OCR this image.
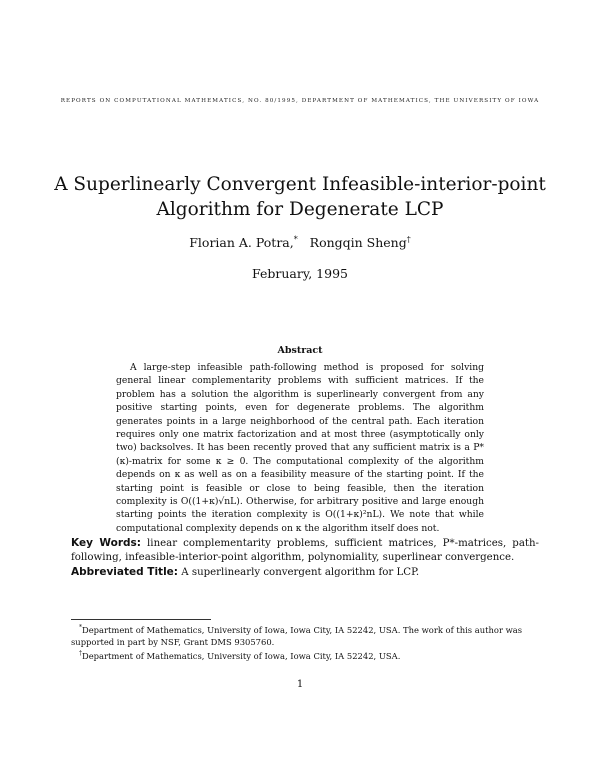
REPORTS ON COMPUTATIONAL MATHEMATICS, NO. 80/1995, DEPARTMENT OF MATHEMATICS, THE UNIVERSITY OF IOWA
A Superlinearly Convergent Infeasible-interior-point
Algorithm for Degenerate LCP
Florian A. Potra,* Rongqin Sheng†
February, 1995
Abstract

A large-step infeasible path-following method is proposed for solving general linear complementarity problems with sufficient matrices. If the problem has a solution the algorithm is superlinearly convergent from any positive starting points, even for degenerate problems. The algorithm generates points in a large neighborhood of the central path. Each iteration requires only one matrix factorization and at most three (asymptotically only two) backsolves. It has been recently proved that any sufficient matrix is a P*(κ)-matrix for some κ ≥ 0. The computational complexity of the algorithm depends on κ as well as on a feasibility measure of the starting point. If the starting point is feasible or close to being feasible, then the iteration complexity is O((1+κ)√nL). Otherwise, for arbitrary positive and large enough starting points the iteration complexity is O((1+κ)²nL). We note that while computational complexity depends on κ the algorithm itself does not.

Key Words: linear complementarity problems, sufficient matrices, P*-matrices, path-following, infeasible-interior-point algorithm, polynomiality, superlinear convergence.
Abbreviated Title: A superlinearly convergent algorithm for LCP.

*Department of Mathematics, University of Iowa, Iowa City, IA 52242, USA. The work of this author was supported in part by NSF, Grant DMS 9305760.

†Department of Mathematics, University of Iowa, Iowa City, IA 52242, USA.

1
